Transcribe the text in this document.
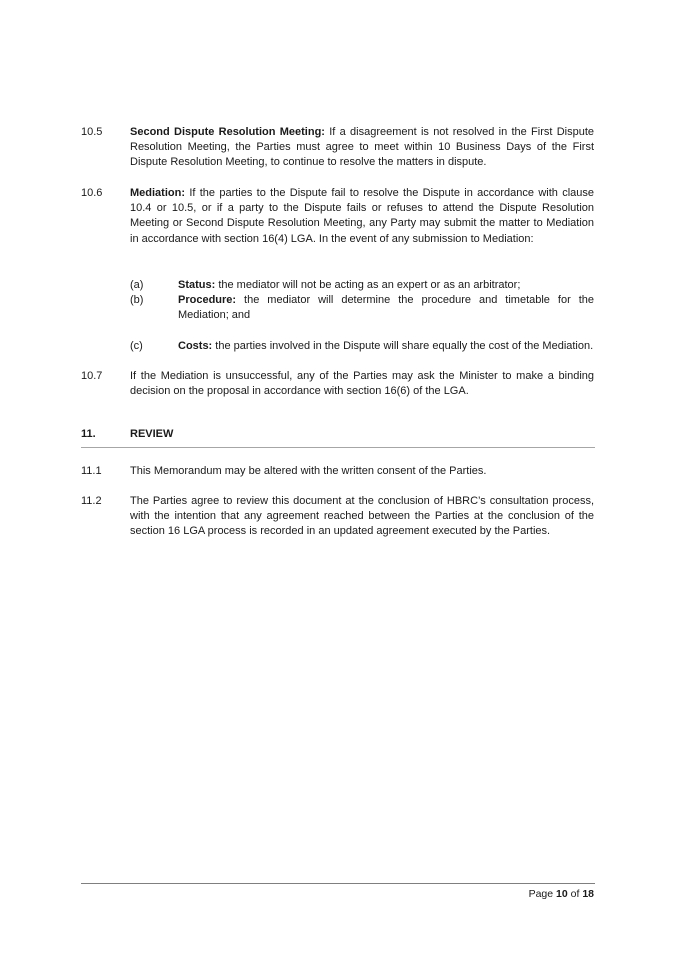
10.5	Second Dispute Resolution Meeting: If a disagreement is not resolved in the First Dispute Resolution Meeting, the Parties must agree to meet within 10 Business Days of the First Dispute Resolution Meeting, to continue to resolve the matters in dispute.
10.6	Mediation: If the parties to the Dispute fail to resolve the Dispute in accordance with clause 10.4 or 10.5, or if a party to the Dispute fails or refuses to attend the Dispute Resolution Meeting or Second Dispute Resolution Meeting, any Party may submit the matter to Mediation in accordance with section 16(4) LGA. In the event of any submission to Mediation:
(a)	Status: the mediator will not be acting as an expert or as an arbitrator;
(b)	Procedure: the mediator will determine the procedure and timetable for the Mediation; and
(c)	Costs: the parties involved in the Dispute will share equally the cost of the Mediation.
10.7	If the Mediation is unsuccessful, any of the Parties may ask the Minister to make a binding decision on the proposal in accordance with section 16(6) of the LGA.
11.	REVIEW
11.1	This Memorandum may be altered with the written consent of the Parties.
11.2	The Parties agree to review this document at the conclusion of HBRC’s consultation process, with the intention that any agreement reached between the Parties at the conclusion of the section 16 LGA process is recorded in an updated agreement executed by the Parties.
Page 10 of 18
